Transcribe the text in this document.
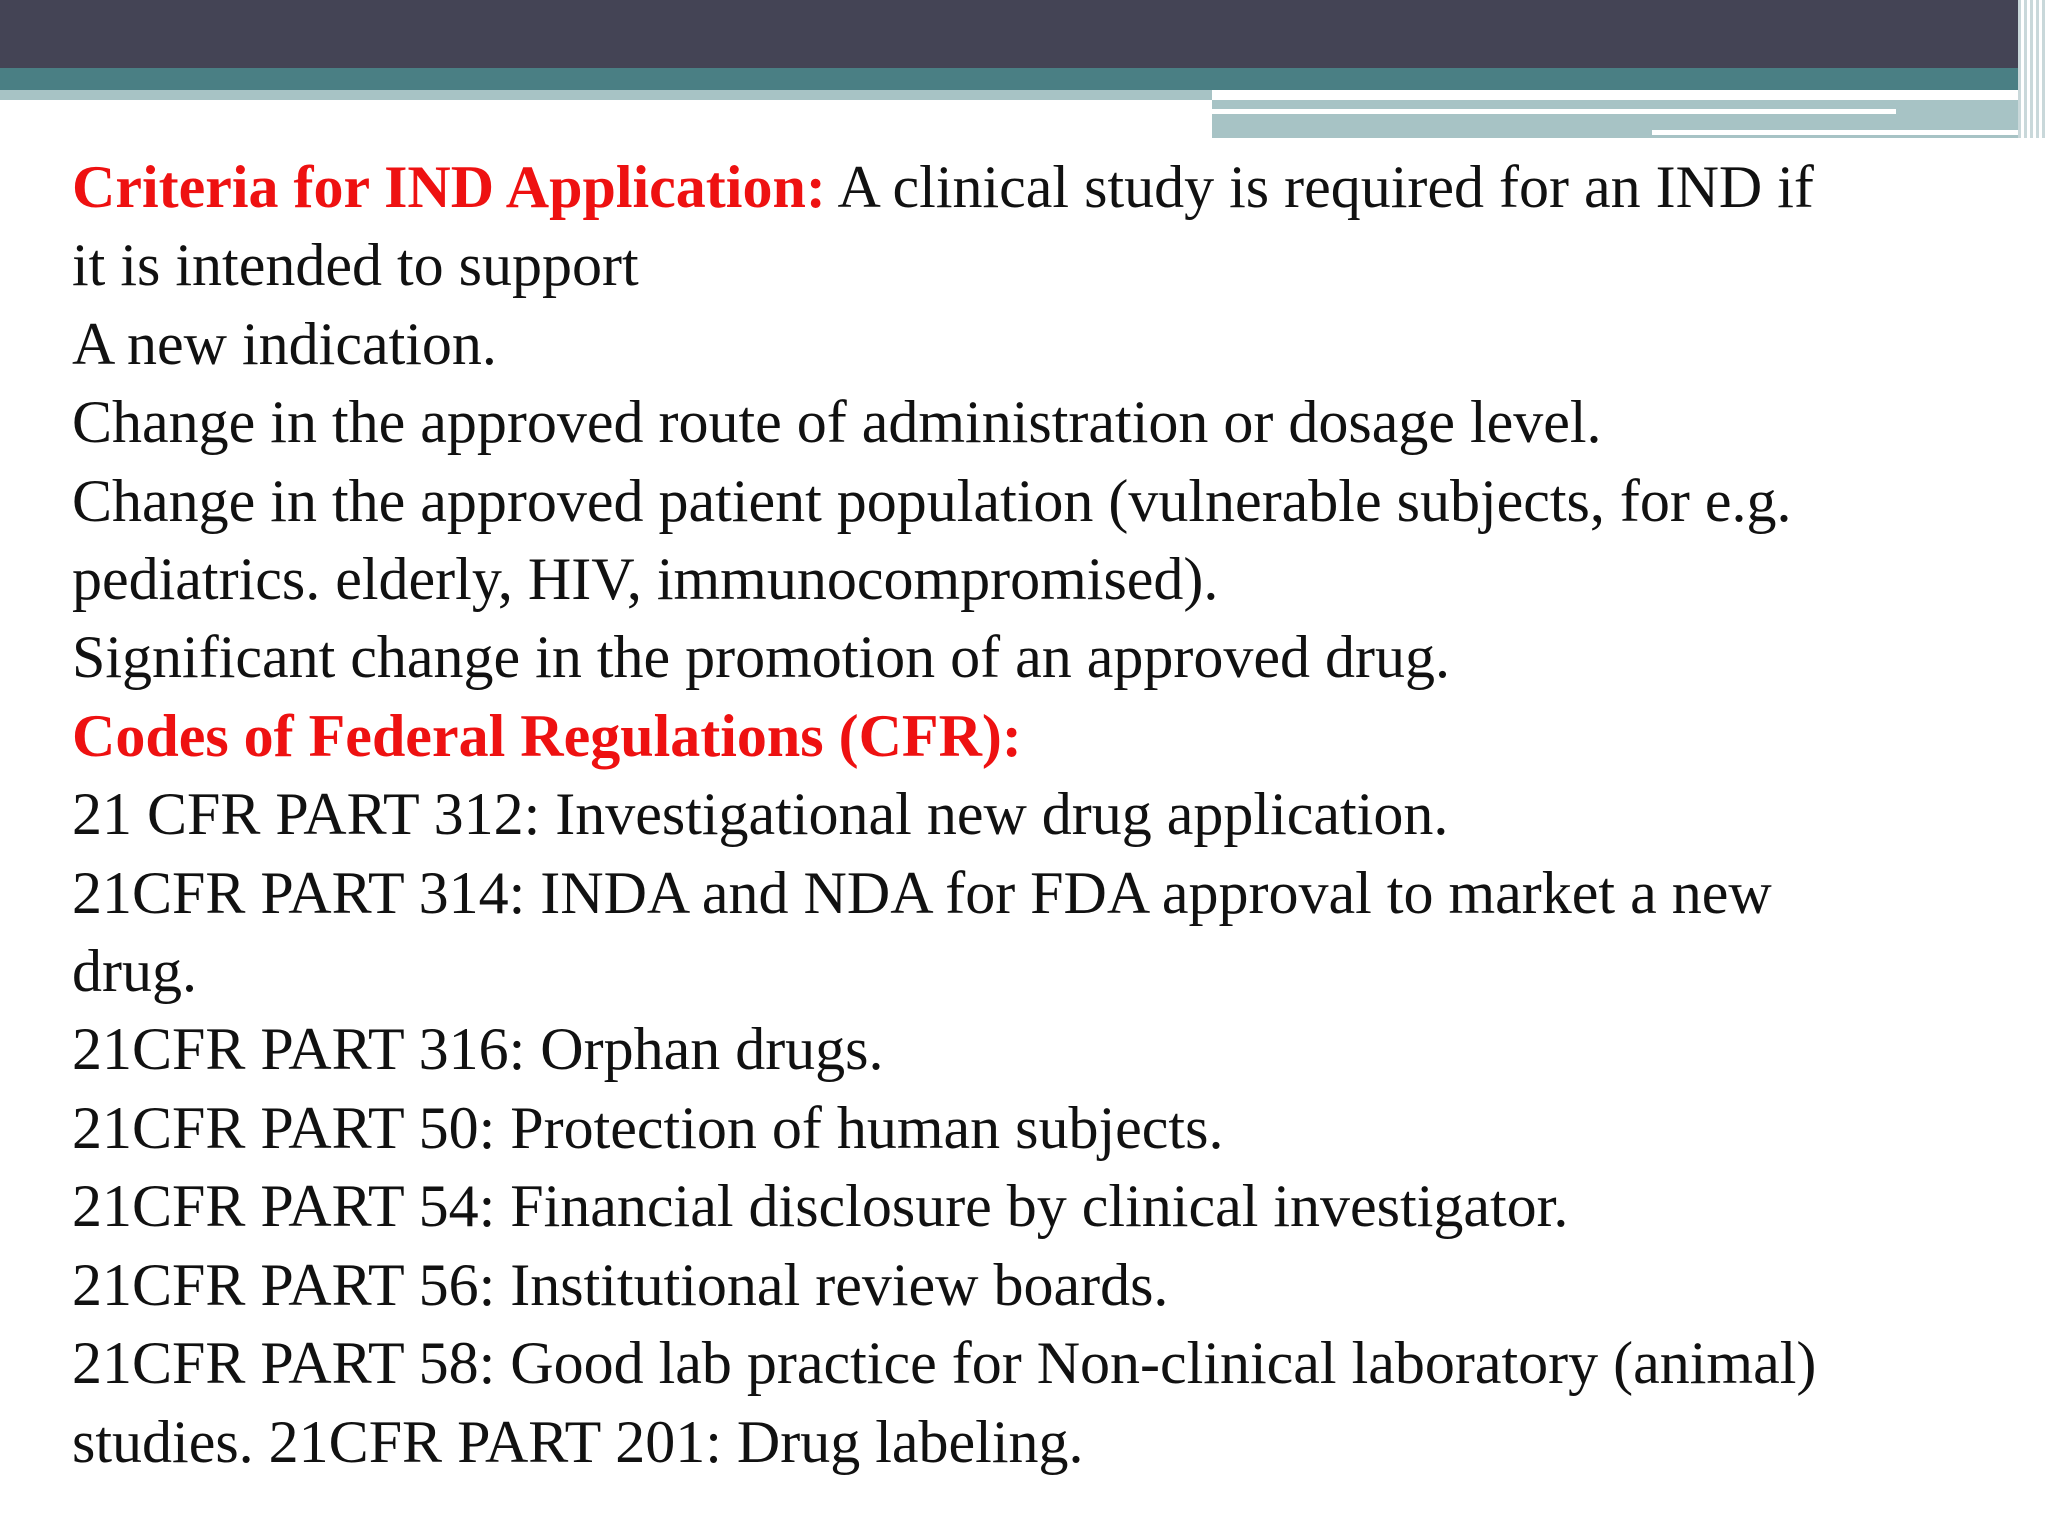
Criteria for IND Application: A clinical study is required for an IND if
it is intended to support
A new indication.
Change in the approved route of administration or dosage level.
Change in the approved patient population (vulnerable subjects, for e.g.
pediatrics. elderly, HIV, immunocompromised).
Significant change in the promotion of an approved drug.
Codes of Federal Regulations (CFR):
21 CFR PART 312: Investigational new drug application.
21CFR PART 314: INDA and NDA for FDA approval to market a new
drug.
21CFR PART 316: Orphan drugs.
21CFR PART 50: Protection of human subjects.
21CFR PART 54: Financial disclosure by clinical investigator.
21CFR PART 56: Institutional review boards.
21CFR PART 58: Good lab practice for Non-clinical laboratory (animal)
studies. 21CFR PART 201: Drug labeling.
